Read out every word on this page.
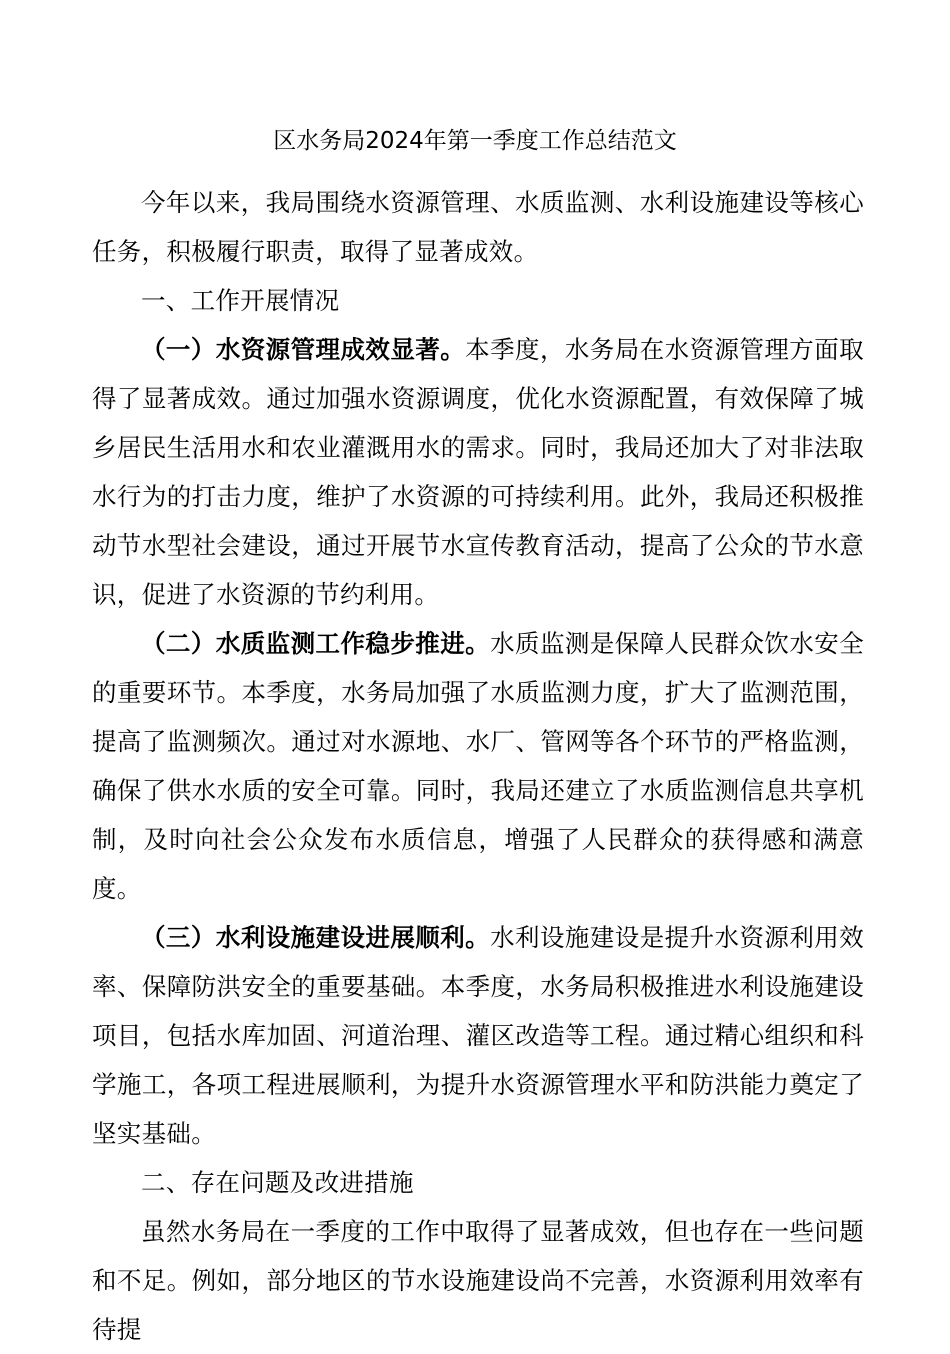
区水务局2024年第一季度工作总结范文

今年以来，我局围绕水资源管理、水质监测、水利设施建设等核心任务，积极履行职责，取得了显著成效。

一、工作开展情况

（一）水资源管理成效显著。本季度，水务局在水资源管理方面取得了显著成效。通过加强水资源调度，优化水资源配置，有效保障了城乡居民生活用水和农业灌溉用水的需求。同时，我局还加大了对非法取水行为的打击力度，维护了水资源的可持续利用。此外，我局还积极推动节水型社会建设，通过开展节水宣传教育活动，提高了公众的节水意识，促进了水资源的节约利用。

（二）水质监测工作稳步推进。水质监测是保障人民群众饮水安全的重要环节。本季度，水务局加强了水质监测力度，扩大了监测范围，提高了监测频次。通过对水源地、水厂、管网等各个环节的严格监测，确保了供水水质的安全可靠。同时，我局还建立了水质监测信息共享机制，及时向社会公众发布水质信息，增强了人民群众的获得感和满意度。

（三）水利设施建设进展顺利。水利设施建设是提升水资源利用效率、保障防洪安全的重要基础。本季度，水务局积极推进水利设施建设项目，包括水库加固、河道治理、灌区改造等工程。通过精心组织和科学施工，各项工程进展顺利，为提升水资源管理水平和防洪能力奠定了坚实基础。

二、存在问题及改进措施

虽然水务局在一季度的工作中取得了显著成效，但也存在一些问题和不足。例如，部分地区的节水设施建设尚不完善，水资源利用效率有待提
